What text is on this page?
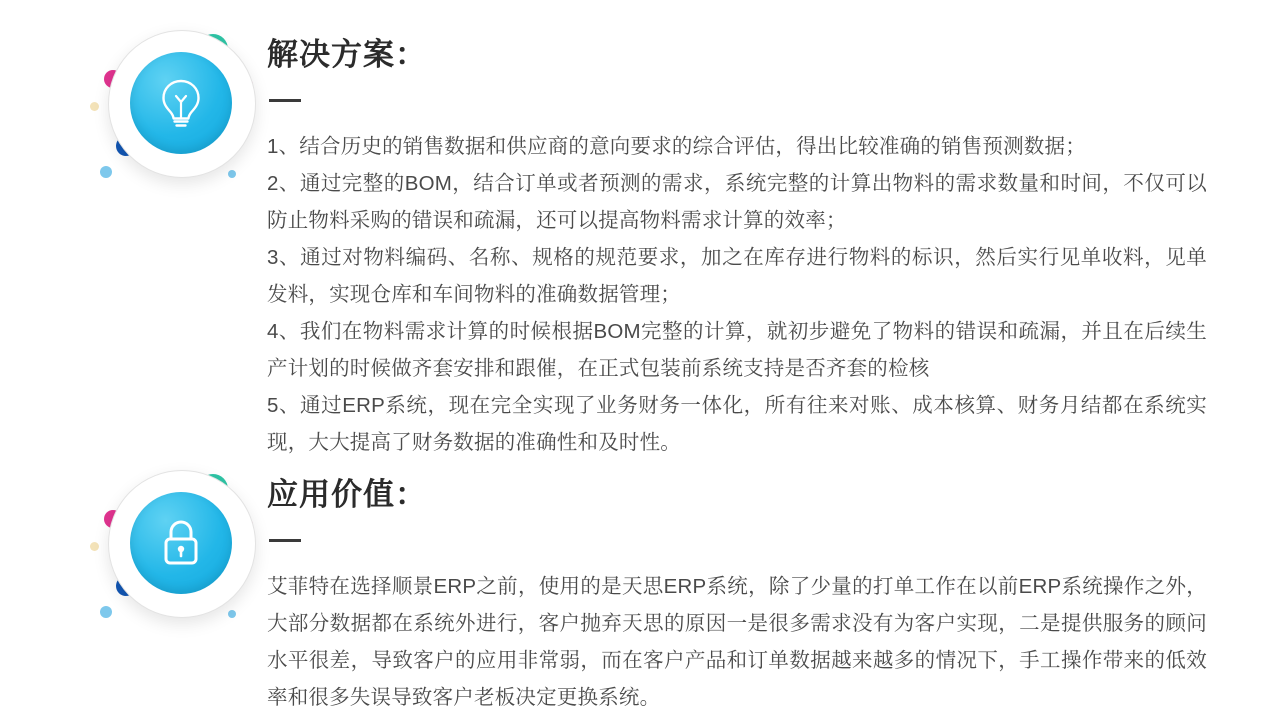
解决方案：

1、结合历史的销售数据和供应商的意向要求的综合评估，得出比较准确的销售预测数据；

2、通过完整的BOM，结合订单或者预测的需求，系统完整的计算出物料的需求数量和时间，不仅可以防止物料采购的错误和疏漏，还可以提高物料需求计算的效率；

3、通过对物料编码、名称、规格的规范要求，加之在库存进行物料的标识，然后实行见单收料，见单发料，实现仓库和车间物料的准确数据管理；

4、我们在物料需求计算的时候根据BOM完整的计算，就初步避免了物料的错误和疏漏，并且在后续生产计划的时候做齐套安排和跟催，在正式包装前系统支持是否齐套的检核

5、通过ERP系统，现在完全实现了业务财务一体化，所有往来对账、成本核算、财务月结都在系统实现，大大提高了财务数据的准确性和及时性。

应用价值：

艾菲特在选择顺景ERP之前，使用的是天思ERP系统，除了少量的打单工作在以前ERP系统操作之外，大部分数据都在系统外进行，客户抛弃天思的原因一是很多需求没有为客户实现，二是提供服务的顾问水平很差，导致客户的应用非常弱，而在客户产品和订单数据越来越多的情况下，手工操作带来的低效率和很多失误导致客户老板决定更换系统。
